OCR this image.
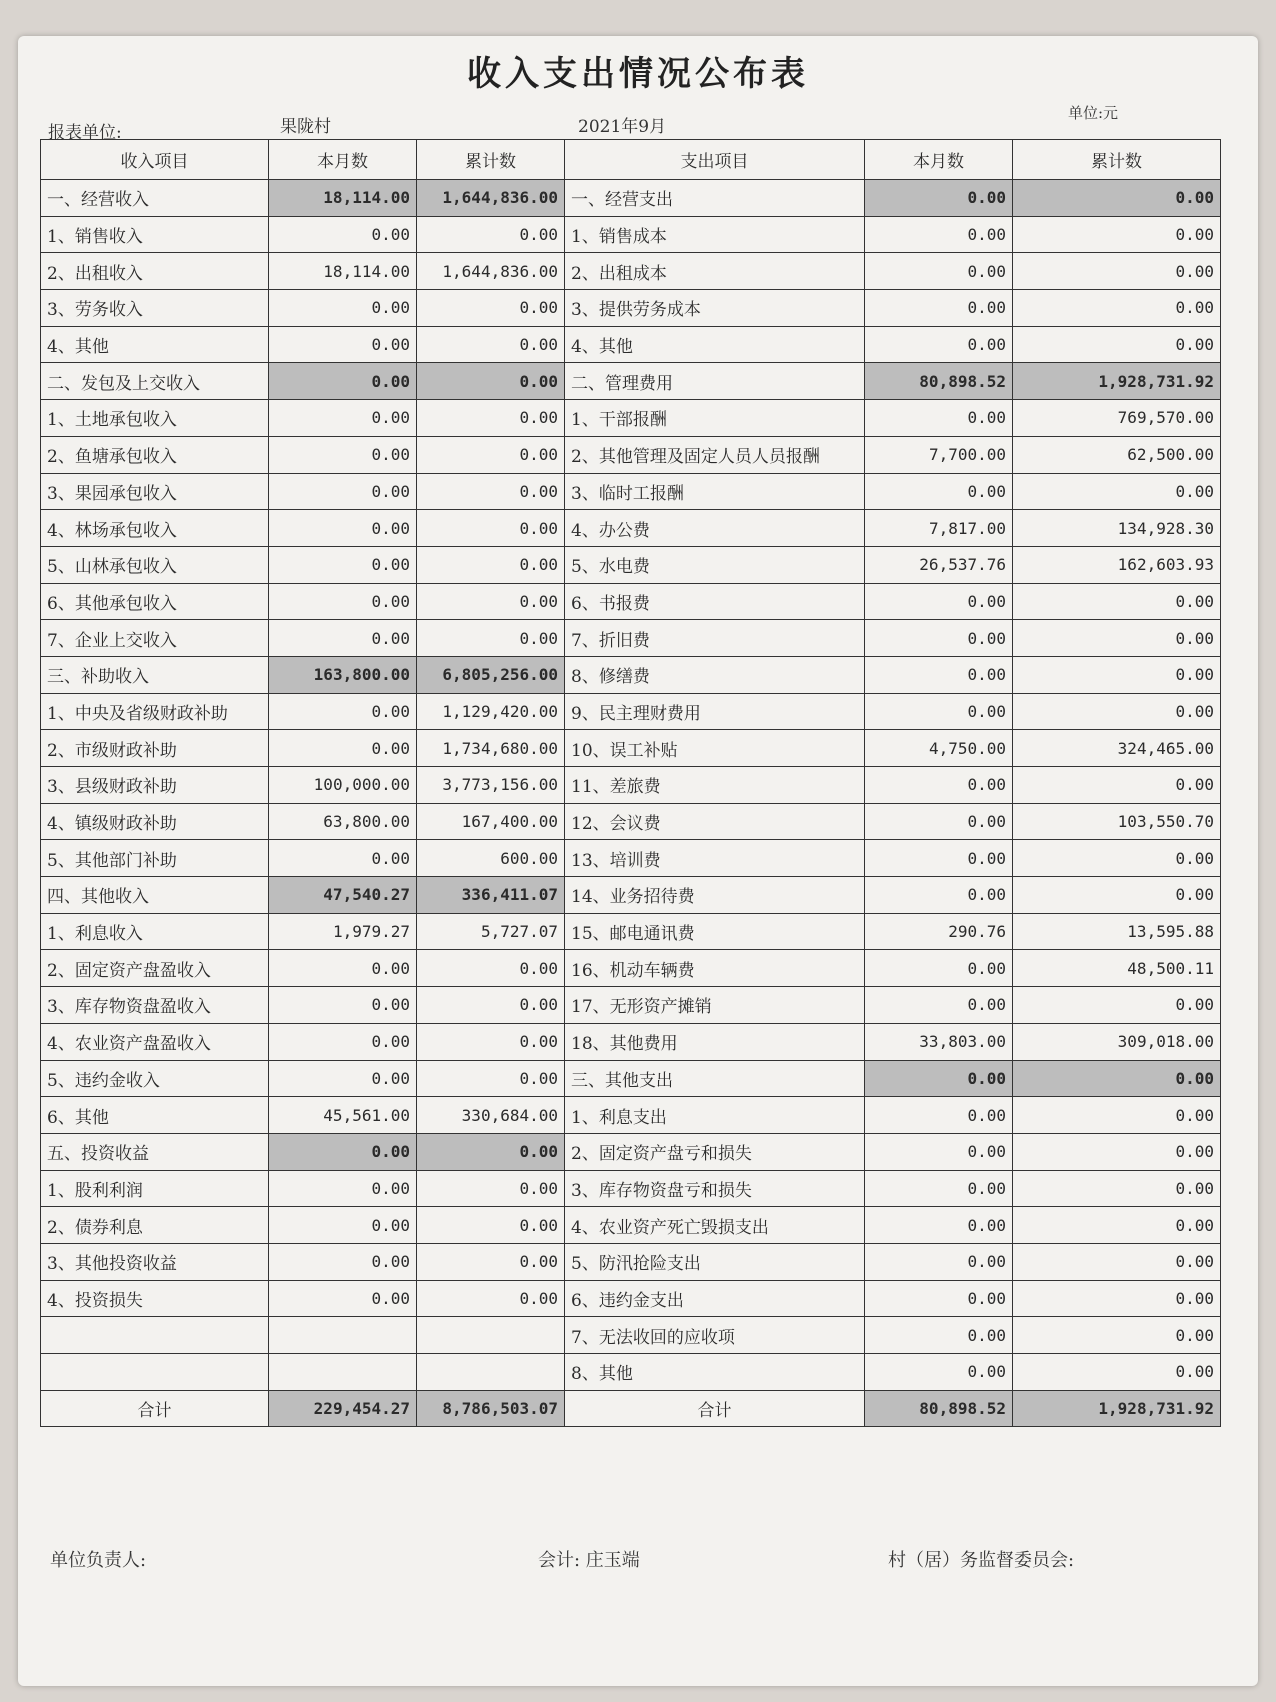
收入支出情况公布表
单位:元
报表单位:	果陇村	2021年9月
收入项目	本月数	累计数	支出项目	本月数	累计数
一、经营收入	18,114.00	1,644,836.00	一、经营支出	0.00	0.00
1、销售收入	0.00	0.00	1、销售成本	0.00	0.00
2、出租收入	18,114.00	1,644,836.00	2、出租成本	0.00	0.00
3、劳务收入	0.00	0.00	3、提供劳务成本	0.00	0.00
4、其他	0.00	0.00	4、其他	0.00	0.00
二、发包及上交收入	0.00	0.00	二、管理费用	80,898.52	1,928,731.92
1、土地承包收入	0.00	0.00	1、干部报酬	0.00	769,570.00
2、鱼塘承包收入	0.00	0.00	2、其他管理及固定人员人员报酬	7,700.00	62,500.00
3、果园承包收入	0.00	0.00	3、临时工报酬	0.00	0.00
4、林场承包收入	0.00	0.00	4、办公费	7,817.00	134,928.30
5、山林承包收入	0.00	0.00	5、水电费	26,537.76	162,603.93
6、其他承包收入	0.00	0.00	6、书报费	0.00	0.00
7、企业上交收入	0.00	0.00	7、折旧费	0.00	0.00
三、补助收入	163,800.00	6,805,256.00	8、修缮费	0.00	0.00
1、中央及省级财政补助	0.00	1,129,420.00	9、民主理财费用	0.00	0.00
2、市级财政补助	0.00	1,734,680.00	10、误工补贴	4,750.00	324,465.00
3、县级财政补助	100,000.00	3,773,156.00	11、差旅费	0.00	0.00
4、镇级财政补助	63,800.00	167,400.00	12、会议费	0.00	103,550.70
5、其他部门补助	0.00	600.00	13、培训费	0.00	0.00
四、其他收入	47,540.27	336,411.07	14、业务招待费	0.00	0.00
1、利息收入	1,979.27	5,727.07	15、邮电通讯费	290.76	13,595.88
2、固定资产盘盈收入	0.00	0.00	16、机动车辆费	0.00	48,500.11
3、库存物资盘盈收入	0.00	0.00	17、无形资产摊销	0.00	0.00
4、农业资产盘盈收入	0.00	0.00	18、其他费用	33,803.00	309,018.00
5、违约金收入	0.00	0.00	三、其他支出	0.00	0.00
6、其他	45,561.00	330,684.00	1、利息支出	0.00	0.00
五、投资收益	0.00	0.00	2、固定资产盘亏和损失	0.00	0.00
1、股利利润	0.00	0.00	3、库存物资盘亏和损失	0.00	0.00
2、债券利息	0.00	0.00	4、农业资产死亡毁损支出	0.00	0.00
3、其他投资收益	0.00	0.00	5、防汛抢险支出	0.00	0.00
4、投资损失	0.00	0.00	6、违约金支出	0.00	0.00
			7、无法收回的应收项	0.00	0.00
			8、其他	0.00	0.00
合计	229,454.27	8,786,503.07	合计	80,898.52	1,928,731.92
单位负责人:	会计: 庄玉端	村（居）务监督委员会:
